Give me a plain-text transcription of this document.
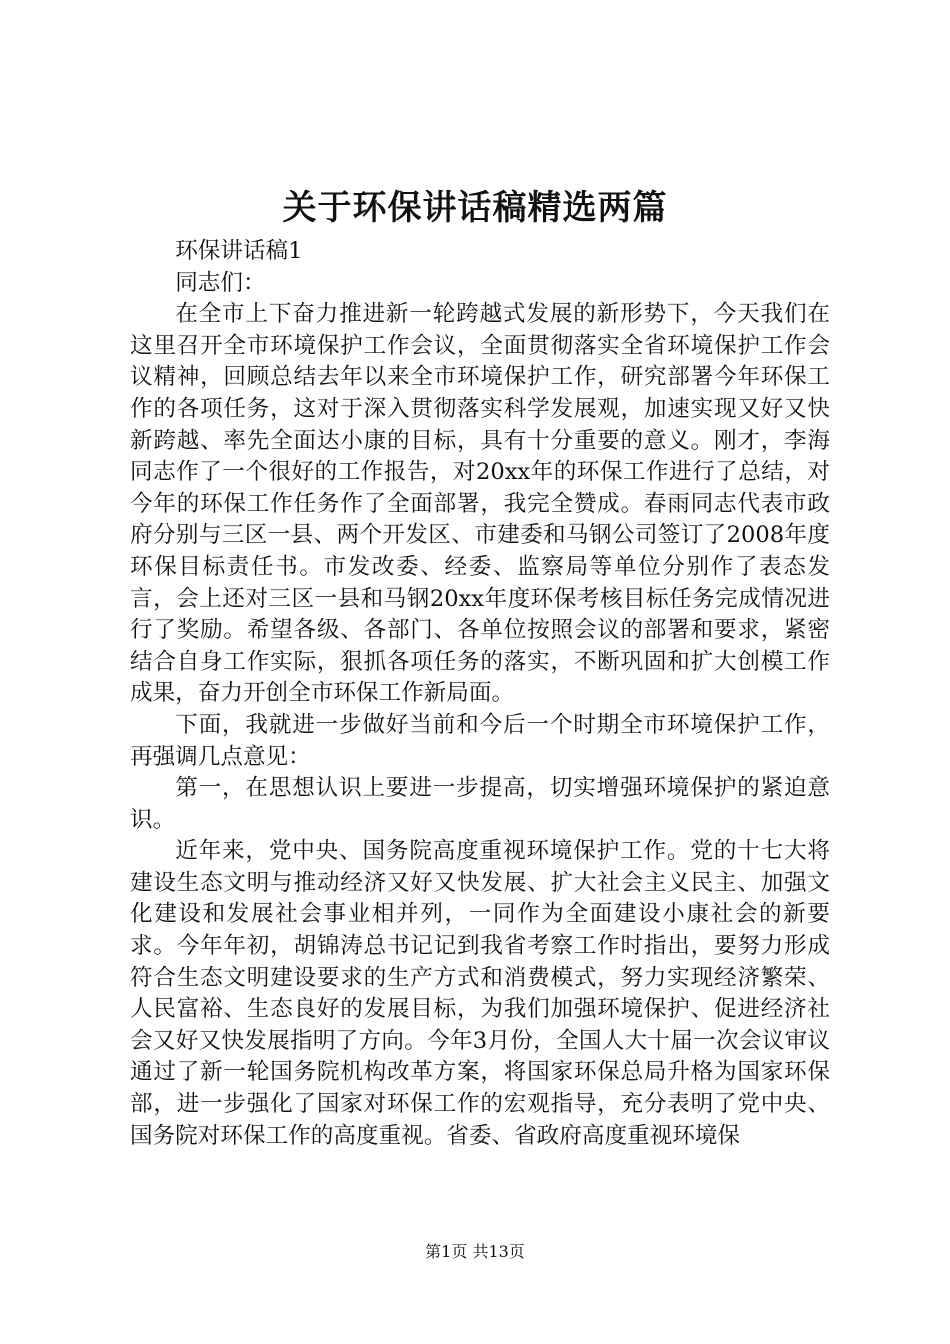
关于环保讲话稿精选两篇

环保讲话稿1

同志们：

在全市上下奋力推进新一轮跨越式发展的新形势下，今天我们在这里召开全市环境保护工作会议，全面贯彻落实全省环境保护工作会议精神，回顾总结去年以来全市环境保护工作，研究部署今年环保工作的各项任务，这对于深入贯彻落实科学发展观，加速实现又好又快新跨越、率先全面达小康的目标，具有十分重要的意义。刚才，李海同志作了一个很好的工作报告，对20xx年的环保工作进行了总结，对今年的环保工作任务作了全面部署，我完全赞成。春雨同志代表市政府分别与三区一县、两个开发区、市建委和马钢公司签订了2008年度环保目标责任书。市发改委、经委、监察局等单位分别作了表态发言，会上还对三区一县和马钢20xx年度环保考核目标任务完成情况进行了奖励。希望各级、各部门、各单位按照会议的部署和要求，紧密结合自身工作实际，狠抓各项任务的落实，不断巩固和扩大创模工作成果，奋力开创全市环保工作新局面。

下面，我就进一步做好当前和今后一个时期全市环境保护工作，再强调几点意见：

第一，在思想认识上要进一步提高，切实增强环境保护的紧迫意识。

近年来，党中央、国务院高度重视环境保护工作。党的十七大将建设生态文明与推动经济又好又快发展、扩大社会主义民主、加强文化建设和发展社会事业相并列，一同作为全面建设小康社会的新要求。今年年初，胡锦涛总书记记到我省考察工作时指出，要努力形成符合生态文明建设要求的生产方式和消费模式，努力实现经济繁荣、人民富裕、生态良好的发展目标，为我们加强环境保护、促进经济社会又好又快发展指明了方向。今年3月份，全国人大十届一次会议审议通过了新一轮国务院机构改革方案，将国家环保总局升格为国家环保部，进一步强化了国家对环保工作的宏观指导，充分表明了党中央、国务院对环保工作的高度重视。省委、省政府高度重视环境保

第1页 共13页
